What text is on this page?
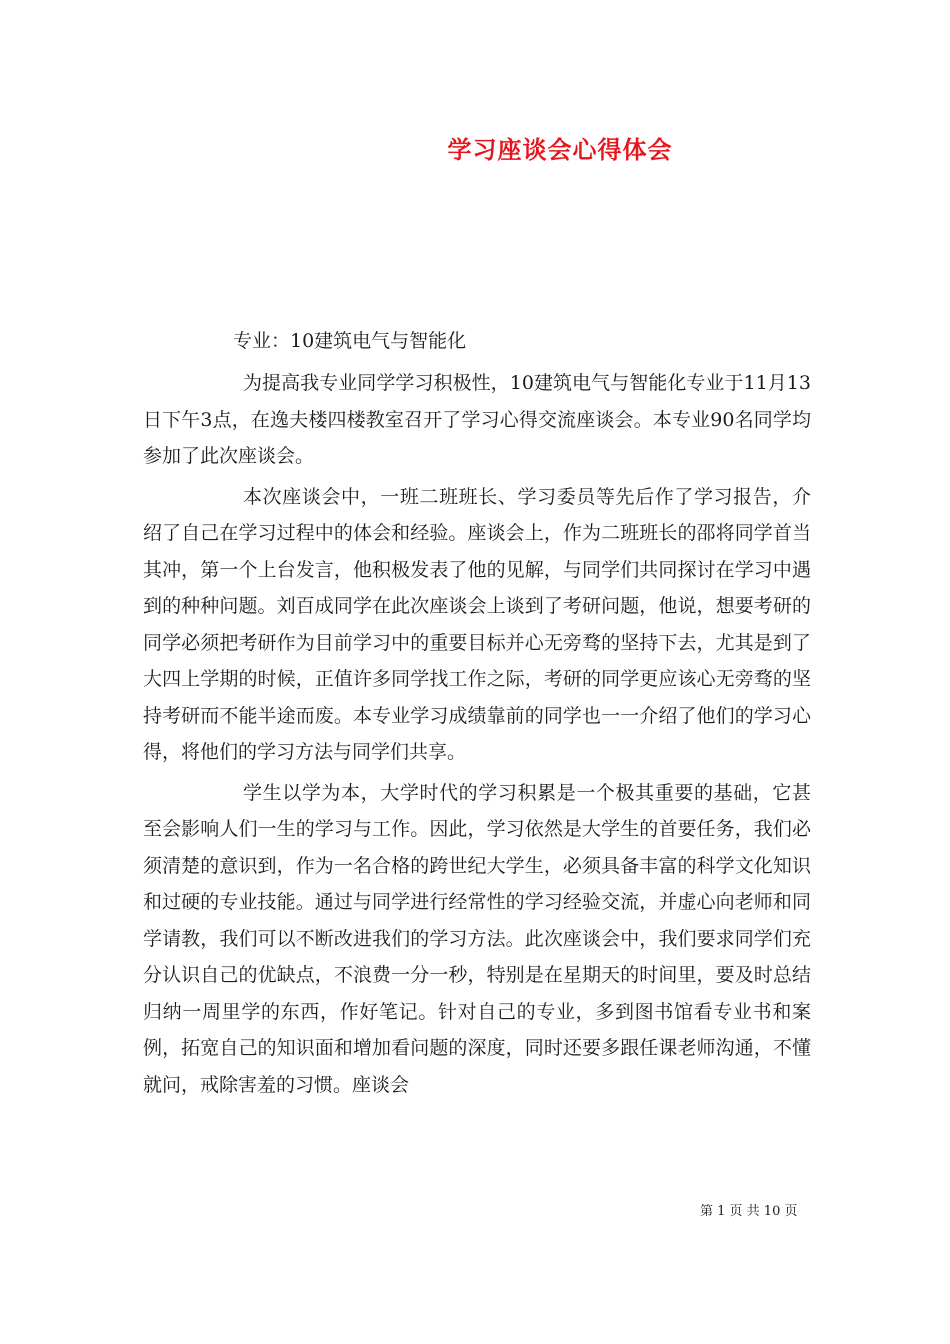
学习座谈会心得体会
专业：10建筑电气与智能化

为提高我专业同学学习积极性，10建筑电气与智能化专业于11月13日下午3点，在逸夫楼四楼教室召开了学习心得交流座谈会。本专业90名同学均参加了此次座谈会。

本次座谈会中，一班二班班长、学习委员等先后作了学习报告，介绍了自己在学习过程中的体会和经验。座谈会上，作为二班班长的邵将同学首当其冲，第一个上台发言，他积极发表了他的见解，与同学们共同探讨在学习中遇到的种种问题。刘百成同学在此次座谈会上谈到了考研问题，他说，想要考研的同学必须把考研作为目前学习中的重要目标并心无旁骛的坚持下去，尤其是到了大四上学期的时候，正值许多同学找工作之际，考研的同学更应该心无旁骛的坚持考研而不能半途而废。本专业学习成绩靠前的同学也一一介绍了他们的学习心得，将他们的学习方法与同学们共享。

学生以学为本，大学时代的学习积累是一个极其重要的基础，它甚至会影响人们一生的学习与工作。因此，学习依然是大学生的首要任务，我们必须清楚的意识到，作为一名合格的跨世纪大学生，必须具备丰富的科学文化知识和过硬的专业技能。通过与同学进行经常性的学习经验交流，并虚心向老师和同学请教，我们可以不断改进我们的学习方法。此次座谈会中，我们要求同学们充分认识自己的优缺点，不浪费一分一秒，特别是在星期天的时间里，要及时总结归纳一周里学的东西，作好笔记。针对自己的专业，多到图书馆看专业书和案例，拓宽自己的知识面和增加看问题的深度，同时还要多跟任课老师沟通，不懂就问，戒除害羞的习惯。座谈会

第 1 页 共 10 页
